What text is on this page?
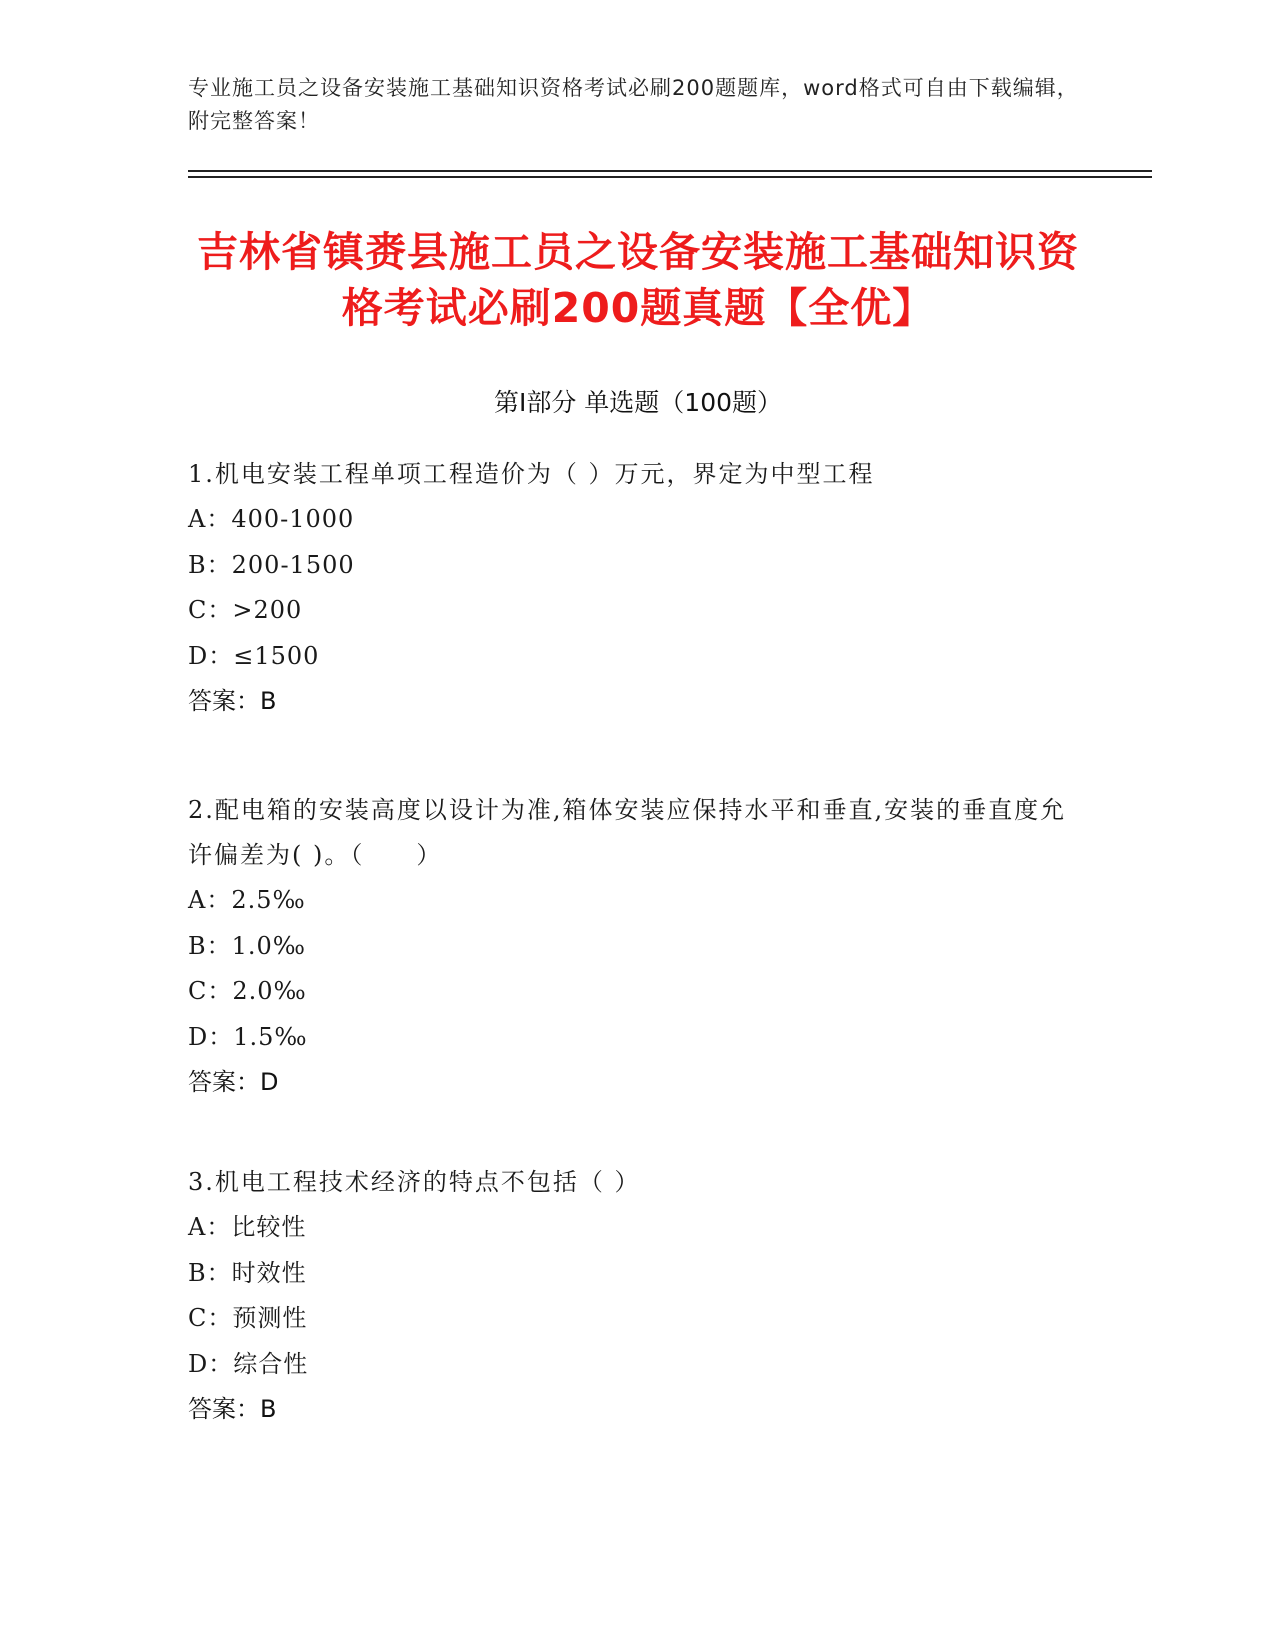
专业施工员之设备安装施工基础知识资格考试必刷200题题库，word格式可自由下载编辑，附完整答案！
吉林省镇赉县施工员之设备安装施工基础知识资格考试必刷200题真题【全优】
第Ⅰ部分 单选题（100题）

1.机电安装工程单项工程造价为（ ）万元，界定为中型工程

A：400-1000

B：200-1500

C：>200

D：≤1500

答案：B

2.配电箱的安装高度以设计为准,箱体安装应保持水平和垂直,安装的垂直度允许偏差为( )。（　　）

A：2.5‰

B：1.0‰

C：2.0‰

D：1.5‰

答案：D

3.机电工程技术经济的特点不包括（ ）

A：比较性

B：时效性

C：预测性

D：综合性

答案：B
